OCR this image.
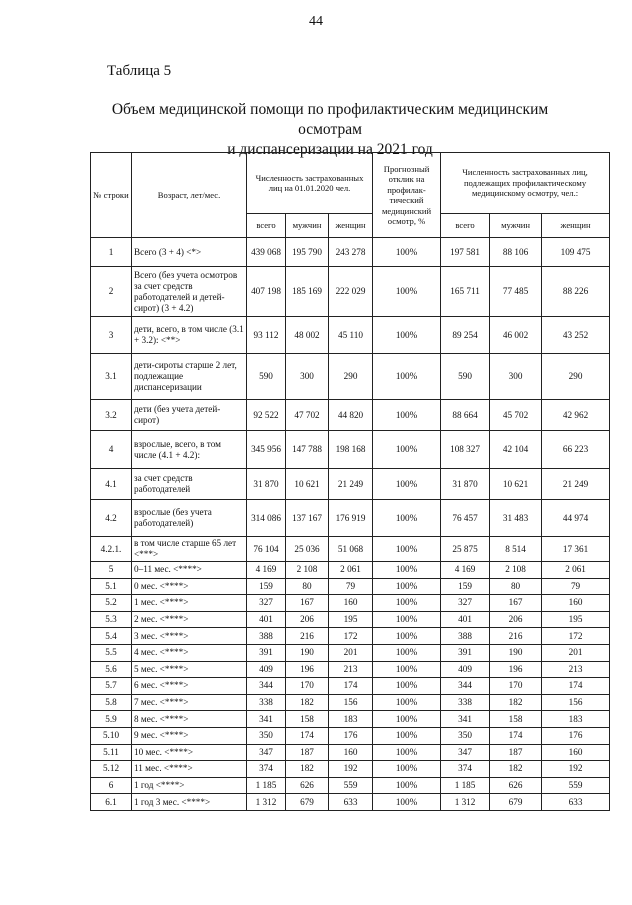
44
Таблица 5
Объем медицинской помощи по профилактическим медицинским осмотрам
и диспансеризации на 2021 год
№ строки	Возраст, лет/мес.	Численность застрахованных лиц на 01.01.2020 чел.			Прогнозный отклик на профилак-тический медицинский осмотр, %	Численность застрахованных лиц, подлежащих профилактическому медицинскому осмотру, чел.:		
		всего	мужчин	женщин		всего	мужчин	женщин
1	Всего (3 + 4) <*>	439 068	195 790	243 278	100%	197 581	88 106	109 475
2	Всего (без учета осмотров за счет средств работодателей и детей-сирот) (3 + 4.2)	407 198	185 169	222 029	100%	165 711	77 485	88 226
3	дети, всего, в том числе (3.1 + 3.2): <**>	93 112	48 002	45 110	100%	89 254	46 002	43 252
3.1	дети-сироты старше 2 лет, подлежащие диспансеризации	590	300	290	100%	590	300	290
3.2	дети (без учета детей-сирот)	92 522	47 702	44 820	100%	88 664	45 702	42 962
4	взрослые, всего, в том числе (4.1 + 4.2):	345 956	147 788	198 168	100%	108 327	42 104	66 223
4.1	за счет средств работодателей	31 870	10 621	21 249	100%	31 870	10 621	21 249
4.2	взрослые (без учета работодателей)	314 086	137 167	176 919	100%	76 457	31 483	44 974
4.2.1.	в том числе старше 65 лет <***>	76 104	25 036	51 068	100%	25 875	8 514	17 361
5	0–11 мес. <****>	4 169	2 108	2 061	100%	4 169	2 108	2 061
5.1	0 мес. <****>	159	80	79	100%	159	80	79
5.2	1 мес. <****>	327	167	160	100%	327	167	160
5.3	2 мес. <****>	401	206	195	100%	401	206	195
5.4	3 мес. <****>	388	216	172	100%	388	216	172
5.5	4 мес. <****>	391	190	201	100%	391	190	201
5.6	5 мес. <****>	409	196	213	100%	409	196	213
5.7	6 мес. <****>	344	170	174	100%	344	170	174
5.8	7 мес. <****>	338	182	156	100%	338	182	156
5.9	8 мес. <****>	341	158	183	100%	341	158	183
5.10	9 мес. <****>	350	174	176	100%	350	174	176
5.11	10 мес. <****>	347	187	160	100%	347	187	160
5.12	11 мес. <****>	374	182	192	100%	374	182	192
6	1 год <****>	1 185	626	559	100%	1 185	626	559
6.1	1 год 3 мес. <****>	1 312	679	633	100%	1 312	679	633
